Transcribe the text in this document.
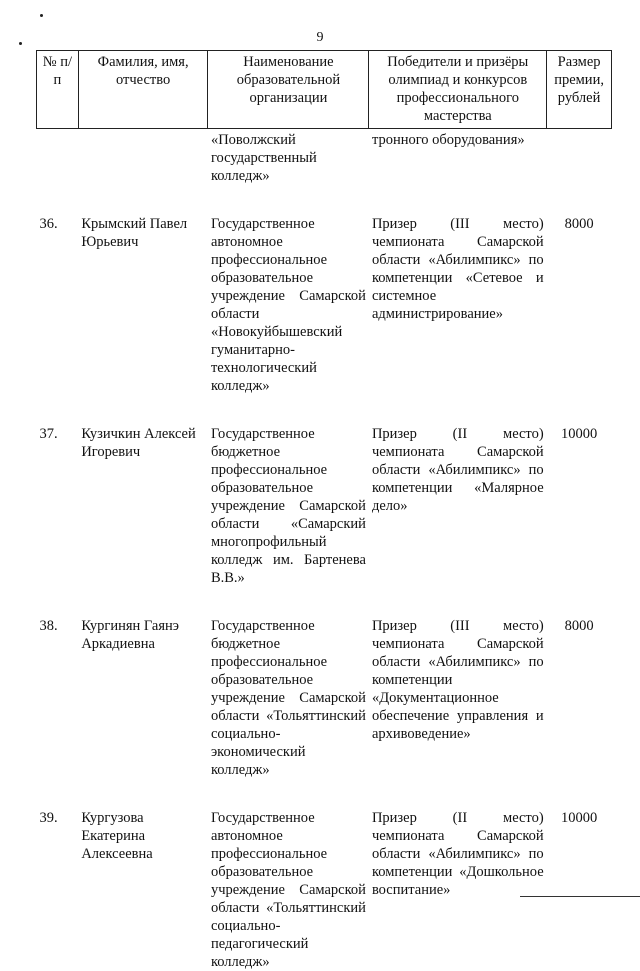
9
№ п/п	Фамилия, имя, отчество	Наименование образовательной организации	Победители и призёры олимпиад и конкурсов профессионального мастерства	Размер премии, рублей
		«Поволжский государственный колледж»	тронного оборудования»	
36.	Крымский Павел Юрьевич	Государственное автономное профессиональное образовательное учреждение Самарской области «Новокуйбышевский гуманитарно-технологический колледж»	Призер (III место) чемпионата Самарской области «Абилимпикс» по компетенции «Сетевое и системное администрирование»	8000
37.	Кузичкин Алексей Игоревич	Государственное бюджетное профессиональное образовательное учреждение Самарской области «Самарский многопрофильный колледж им. Бартенева В.В.»	Призер (II место) чемпионата Самарской области «Абилимпикс» по компетенции «Малярное дело»	10000
38.	Кургинян Гаянэ Аркадиевна	Государственное бюджетное профессиональное образовательное учреждение Самарской области «Тольяттинский социально-экономический колледж»	Призер (III место) чемпионата Самарской области «Абилимпикс» по компетенции «Документационное обеспечение управления и архивоведение»	8000
39.	Кургузова Екатерина Алексеевна	Государственное автономное профессиональное образовательное учреждение Самарской области «Тольяттинский социально-педагогический колледж»	Призер (II место) чемпионата Самарской области «Абилимпикс» по компетенции «Дошкольное воспитание»	10000
